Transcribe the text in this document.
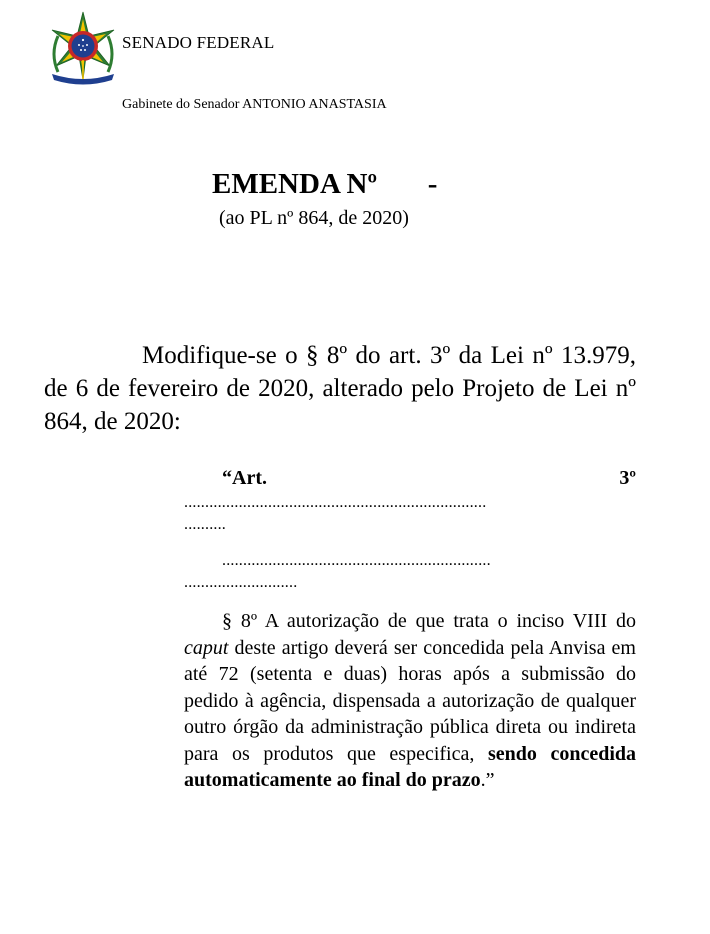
SENADO FEDERAL
Gabinete do Senador ANTONIO ANASTASIA
EMENDA Nº       -
(ao PL nº 864, de 2020)

Modifique-se o § 8º do art. 3º da Lei nº 13.979, de 6 de fevereiro de 2020, alterado pelo Projeto de Lei nº 864, de 2020:

“Art.	3º

........................................................................

..........

................................................................

...........................

§ 8º A autorização de que trata o inciso VIII do caput deste artigo deverá ser concedida pela Anvisa em até 72 (setenta e duas) horas após a submissão do pedido à agência, dispensada a autorização de qualquer outro órgão da administração pública direta ou indireta para os produtos que especifica, sendo concedida automaticamente ao final do prazo.”
